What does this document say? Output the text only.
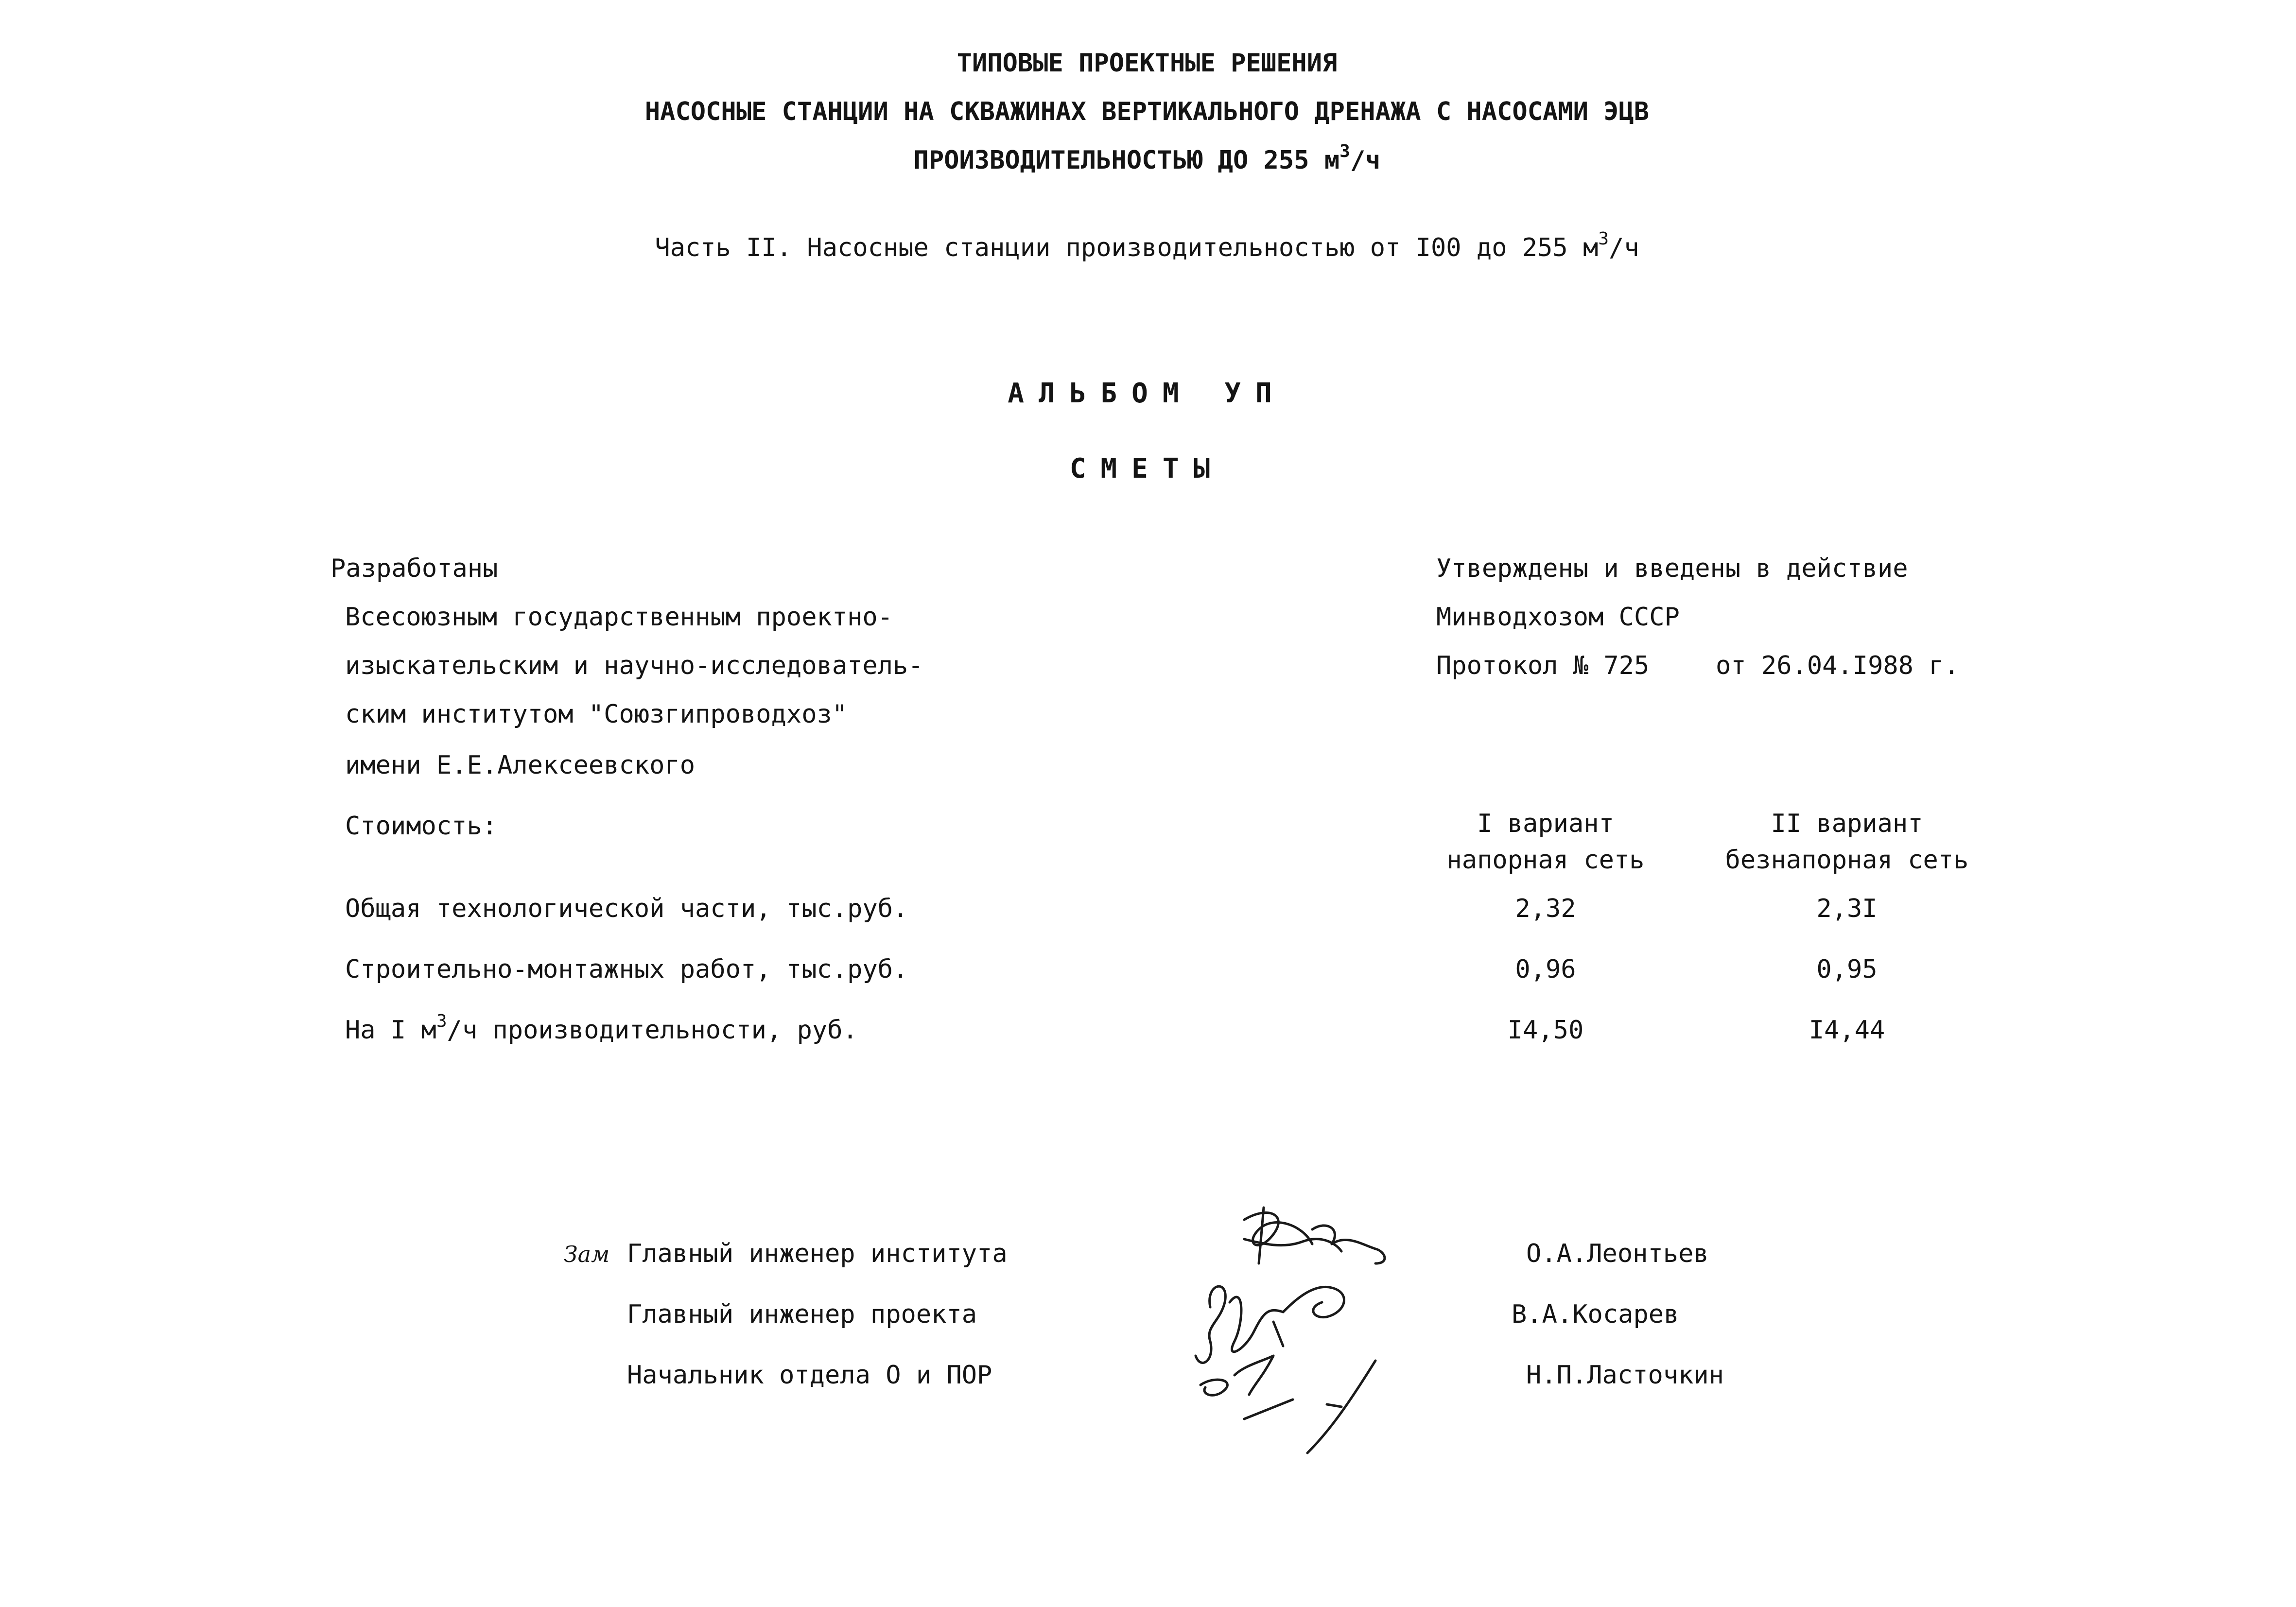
ТИПОВЫЕ ПРОЕКТНЫЕ РЕШЕНИЯ
НАСОСНЫЕ СТАНЦИИ НА СКВАЖИНАХ ВЕРТИКАЛЬНОГО ДРЕНАЖА С НАСОСАМИ ЭЦВ
ПРОИЗВОДИТЕЛЬНОСТЬЮ ДО 255 $м^3/ч$
Часть II. Насосные станции производительностью от I00 до 255 $м^3/ч$
АЛЬБОМ УП
СМЕТЫ
Разработаны
Всесоюзным государственным проектно-
изыскательским и научно-исследователь-
ским институтом "Союзгипроводхоз"
имени Е.Е.Алексеевского
Утверждены и введены в действие
Минводхозом СССР
Протокол № 725	от 26.04.I988 г.
Стоимость:	I вариант
напорная сеть
II вариант
безнапорная сеть
Общая технологической части, тыс.руб.	2,32	2,3I
Строительно-монтажных работ, тыс.руб.	0,96	0,95
На I $м^3/ч$ производительности, руб.	I4,50	I4,44
Зам Главный инженер института	О.А.Леонтьев
Главный инженер проекта	В.А.Косарев
Начальник отдела О и ПОР	Н.П.Ласточкин
